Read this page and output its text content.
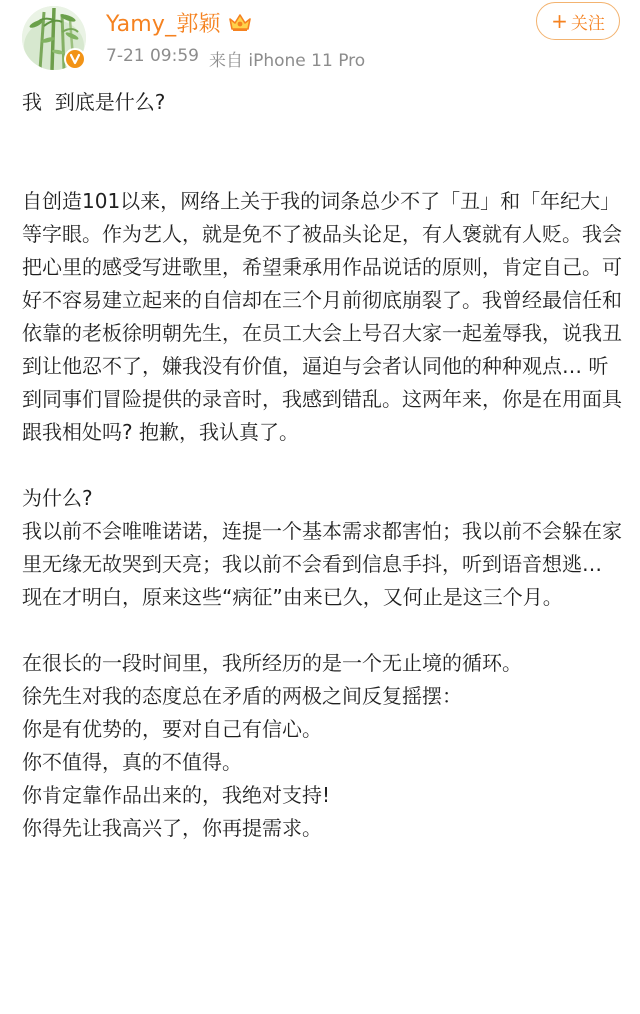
Yamy_郭颖
7-21 09:59 来自 iPhone 11 Pro
+ 关注

我  到底是什么?

自创造101以来，网络上关于我的词条总少不了「丑」和「年纪大」等字眼。作为艺人，就是免不了被品头论足，有人褒就有人贬。我会把心里的感受写进歌里，希望秉承用作品说话的原则，肯定自己。可好不容易建立起来的自信却在三个月前彻底崩裂了。我曾经最信任和依靠的老板徐明朝先生，在员工大会上号召大家一起羞辱我，说我丑到让他忍不了，嫌我没有价值，逼迫与会者认同他的种种观点… 听到同事们冒险提供的录音时，我感到错乱。这两年来，你是在用面具跟我相处吗? 抱歉，我认真了。

为什么?

我以前不会唯唯诺诺，连提一个基本需求都害怕；我以前不会躲在家里无缘无故哭到天亮；我以前不会看到信息手抖，听到语音想逃… 现在才明白，原来这些“病征”由来已久，又何止是这三个月。

在很长的一段时间里，我所经历的是一个无止境的循环。

徐先生对我的态度总在矛盾的两极之间反复摇摆：

你是有优势的，要对自己有信心。

你不值得，真的不值得。

你肯定靠作品出来的，我绝对支持!

你得先让我高兴了，你再提需求。
